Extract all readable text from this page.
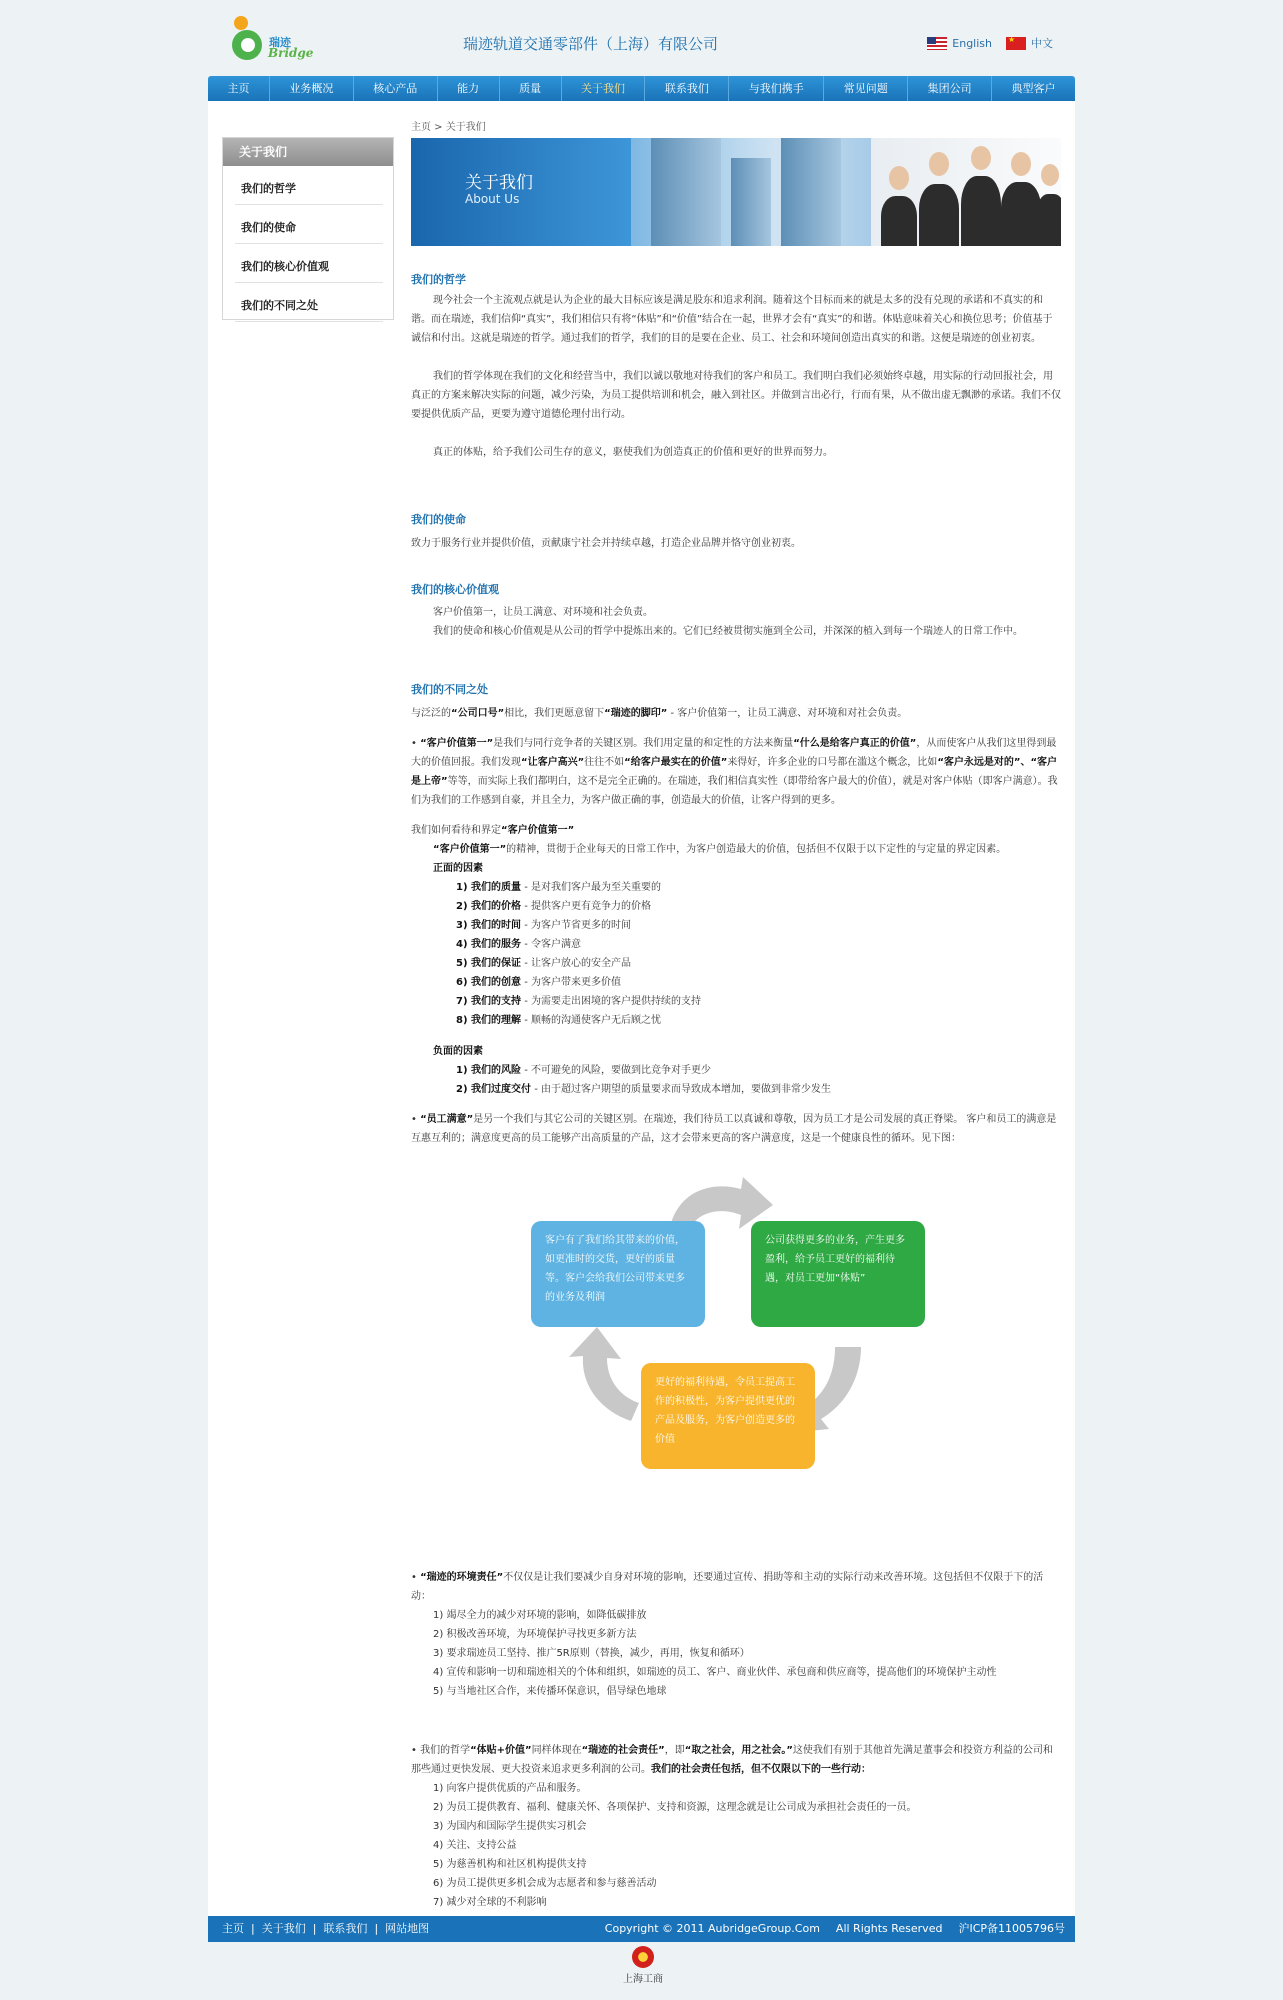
瑞迹
Bridge	瑞迹轨道交通零部件（上海）有限公司	English
★	中文
主页	业务概况	核心产品	能力	质量	关于我们	联系我们	与我们携手	常见问题	集团公司	典型客户
关于我们
我们的哲学
我们的使命
我们的核心价值观
我们的不同之处
主页 > 关于我们
关于我们
About Us
我们的哲学

现今社会一个主流观点就是认为企业的最大目标应该是满足股东和追求利润。随着这个目标而来的就是太多的没有兑现的承诺和不真实的和谐。而在瑞迹，我们信仰“真实”，我们相信只有将“体贴”和“价值”结合在一起，世界才会有“真实”的和谐。体贴意味着关心和换位思考；价值基于诚信和付出。这就是瑞迹的哲学。通过我们的哲学，我们的目的是要在企业、员工、社会和环境间创造出真实的和谐。这便是瑞迹的创业初衷。

我们的哲学体现在我们的文化和经营当中，我们以诚以敬地对待我们的客户和员工。我们明白我们必须始终卓越，用实际的行动回报社会，用真正的方案来解决实际的问题，减少污染，为员工提供培训和机会，融入到社区。并做到言出必行，行而有果，从不做出虚无飘渺的承诺。我们不仅要提供优质产品，更要为遵守道德伦理付出行动。

真正的体贴，给予我们公司生存的意义，驱使我们为创造真正的价值和更好的世界而努力。

我们的使命

致力于服务行业并提供价值，贡献康宁社会并持续卓越，打造企业品牌并恪守创业初衷。

我们的核心价值观

客户价值第一，让员工满意、对环境和社会负责。

我们的使命和核心价值观是从公司的哲学中提炼出来的。它们已经被贯彻实施到全公司，并深深的植入到每一个瑞迹人的日常工作中。

我们的不同之处

与泛泛的“公司口号”相比，我们更愿意留下“瑞迹的脚印” - 客户价值第一，让员工满意、对环境和对社会负责。

• “客户价值第一”是我们与同行竞争者的关键区别。我们用定量的和定性的方法来衡量“什么是给客户真正的价值”，从而使客户从我们这里得到最大的价值回报。我们发现“让客户高兴”往往不如“给客户最实在的价值”来得好，许多企业的口号都在滥这个概念，比如“客户永远是对的”、“客户是上帝”等等，而实际上我们都明白，这不是完全正确的。在瑞迹，我们相信真实性（即带给客户最大的价值），就是对客户体贴（即客户满意）。我们为我们的工作感到自豪，并且全力，为客户做正确的事，创造最大的价值，让客户得到的更多。

我们如何看待和界定“客户价值第一”

“客户价值第一”的精神，贯彻于企业每天的日常工作中，为客户创造最大的价值，包括但不仅限于以下定性的与定量的界定因素。

正面的因素

1) 我们的质量 - 是对我们客户最为至关重要的

2) 我们的价格 - 提供客户更有竞争力的价格

3) 我们的时间 - 为客户节省更多的时间

4) 我们的服务 - 令客户满意

5) 我们的保证 - 让客户放心的安全产品

6) 我们的创意 - 为客户带来更多价值

7) 我们的支持 - 为需要走出困境的客户提供持续的支持

8) 我们的理解 - 顺畅的沟通使客户无后顾之忧

负面的因素

1) 我们的风险 - 不可避免的风险，要做到比竞争对手更少

2) 我们过度交付 - 由于超过客户期望的质量要求而导致成本增加，要做到非常少发生

• “员工满意”是另一个我们与其它公司的关键区别。在瑞迹，我们待员工以真诚和尊敬，因为员工才是公司发展的真正脊梁。 客户和员工的满意是互惠互利的；满意度更高的员工能够产出高质量的产品，这才会带来更高的客户满意度，这是一个健康良性的循环。见下图：

客户有了我们给其带来的价值，如更准时的交货，更好的质量等。客户会给我们公司带来更多的业务及利润
公司获得更多的业务，产生更多盈利，给予员工更好的福利待遇，对员工更加“体贴”
更好的福利待遇，令员工提高工作的积极性，为客户提供更优的产品及服务，为客户创造更多的价值

• “瑞迹的环境责任”不仅仅是让我们要减少自身对环境的影响，还要通过宣传、捐助等和主动的实际行动来改善环境。这包括但不仅限于下的活动：

1) 竭尽全力的减少对环境的影响，如降低碳排放

2) 积极改善环境，为环境保护寻找更多新方法

3) 要求瑞迹员工坚持、推广5R原则（替换，减少，再用，恢复和循环）

4) 宣传和影响一切和瑞迹相关的个体和组织，如瑞迹的员工、客户、商业伙伴、承包商和供应商等，提高他们的环境保护主动性

5) 与当地社区合作，来传播环保意识，倡导绿色地球

• 我们的哲学“体贴+价值”同样体现在“瑞迹的社会责任”，即“取之社会，用之社会。”这使我们有别于其他首先满足董事会和投资方利益的公司和那些通过更快发展、更大投资来追求更多利润的公司。我们的社会责任包括，但不仅限以下的一些行动：

1) 向客户提供优质的产品和服务。

2) 为员工提供教育、福利、健康关怀、各项保护、支持和资源，这理念就是让公司成为承担社会责任的一员。

3) 为国内和国际学生提供实习机会

4) 关注、支持公益

5) 为慈善机构和社区机构提供支持

6) 为员工提供更多机会成为志愿者和参与慈善活动

7) 减少对全球的不利影响

主页 | 关于我们 | 联系我们 | 网站地图	Copyright © 2011 AubridgeGroup.Com All Rights Reserved 沪ICP备11005796号
上海工商
